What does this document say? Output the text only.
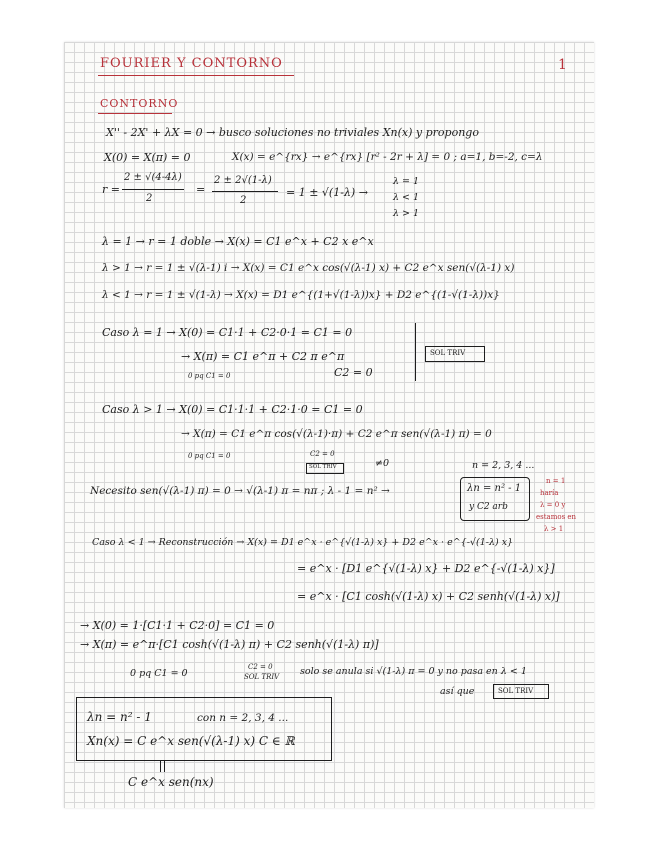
FOURIER Y CONTORNO	1
CONTORNO
X'' - 2X' + λX = 0 → busco soluciones no triviales Xn(x) y propongo
X(0) = X(π) = 0	X(x) = e^{rx} → e^{rx} [r² - 2r + λ] = 0 ; a=1, b=-2, c=λ
r =
2 ± √(4-4λ)
2
=
2 ± 2√(1-λ)
2
= 1 ± √(1-λ) →
λ = 1
λ < 1
λ > 1
λ = 1 → r = 1 doble → X(x) = C1 e^x + C2 x e^x
λ > 1 → r = 1 ± √(λ-1) i → X(x) = C1 e^x cos(√(λ-1) x) + C2 e^x sen(√(λ-1) x)
λ < 1 → r = 1 ± √(1-λ) → X(x) = D1 e^{(1+√(1-λ))x} + D2 e^{(1-√(1-λ))x}
Caso λ = 1 → X(0) = C1·1 + C2·0·1 = C1 = 0
→ X(π) = C1 e^π + C2 π e^π
C2 = 0
0 pq C1 = 0
SOL TRIV
Caso λ > 1 → X(0) = C1·1·1 + C2·1·0 = C1 = 0
→ X(π) = C1 e^π cos(√(λ-1)·π) + C2 e^π sen(√(λ-1) π) = 0
0 pq C1 = 0	C2 = 0
SOL TRIV	≠0	n = 2, 3, 4 ...
Necesito sen(√(λ-1) π) = 0 → √(λ-1) π = nπ ; λ - 1 = n² →	λn = n² - 1
y C2 arb
n = 1
haría
λ = 0 y
estamos en
λ > 1
Caso λ < 1 → Reconstrucción → X(x) = D1 e^x · e^{√(1-λ) x} + D2 e^x · e^{-√(1-λ) x}
= e^x · [D1 e^{√(1-λ) x} + D2 e^{-√(1-λ) x}]
= e^x · [C1 cosh(√(1-λ) x) + C2 senh(√(1-λ) x)]
→ X(0) = 1·[C1·1 + C2·0] = C1 = 0
→ X(π) = e^π·[C1 cosh(√(1-λ) π) + C2 senh(√(1-λ) π)]
0 pq C1 = 0
C2 = 0
SOL TRIV solo se anula si √(1-λ) π = 0 y no pasa en λ < 1
así que	SOL TRIV
λn = n² - 1	con n = 2, 3, 4 ...
Xn(x) = C e^x sen(√(λ-1) x) C ∈ ℝ
C e^x sen(nx)
